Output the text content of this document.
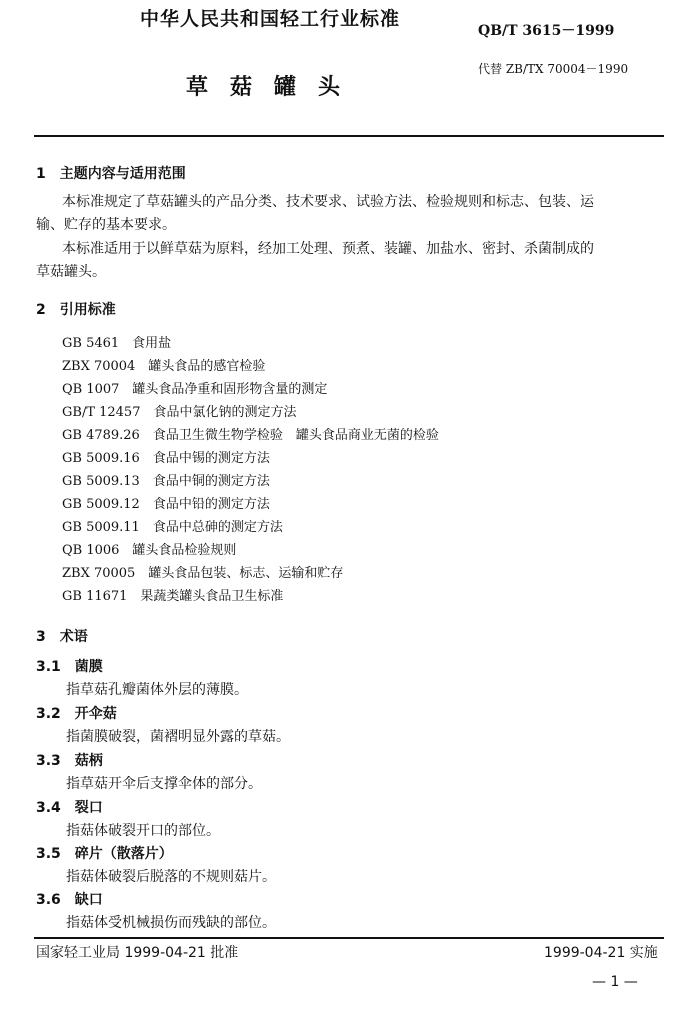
中华人民共和国轻工行业标准
QB/T 3615－1999
代替 ZB/TX 70004－1990
草菇罐头
1　主题内容与适用范围
本标准规定了草菇罐头的产品分类、技术要求、试验方法、检验规则和标志、包装、运
输、贮存的基本要求。
本标准适用于以鲜草菇为原料，经加工处理、预煮、装罐、加盐水、密封、杀菌制成的
草菇罐头。
2　引用标准
GB 5461　食用盐
ZBX 70004　罐头食品的感官检验
QB 1007　罐头食品净重和固形物含量的测定
GB/T 12457　食品中氯化钠的测定方法
GB 4789.26　食品卫生微生物学检验　罐头食品商业无菌的检验
GB 5009.16　食品中锡的测定方法
GB 5009.13　食品中铜的测定方法
GB 5009.12　食品中铅的测定方法
GB 5009.11　食品中总砷的测定方法
QB 1006　罐头食品检验规则
ZBX 70005　罐头食品包装、标志、运输和贮存
GB 11671　果蔬类罐头食品卫生标准
3　术语
3.1　菌膜
指草菇孔瓣菌体外层的薄膜。
3.2　开伞菇
指菌膜破裂，菌褶明显外露的草菇。
3.3　菇柄
指草菇开伞后支撑伞体的部分。
3.4　裂口
指菇体破裂开口的部位。
3.5　碎片（散落片）
指菇体破裂后脱落的不规则菇片。
3.6　缺口
指菇体受机械损伤而残缺的部位。
国家轻工业局 1999-04-21 批准	1999-04-21 实施
— 1 —
